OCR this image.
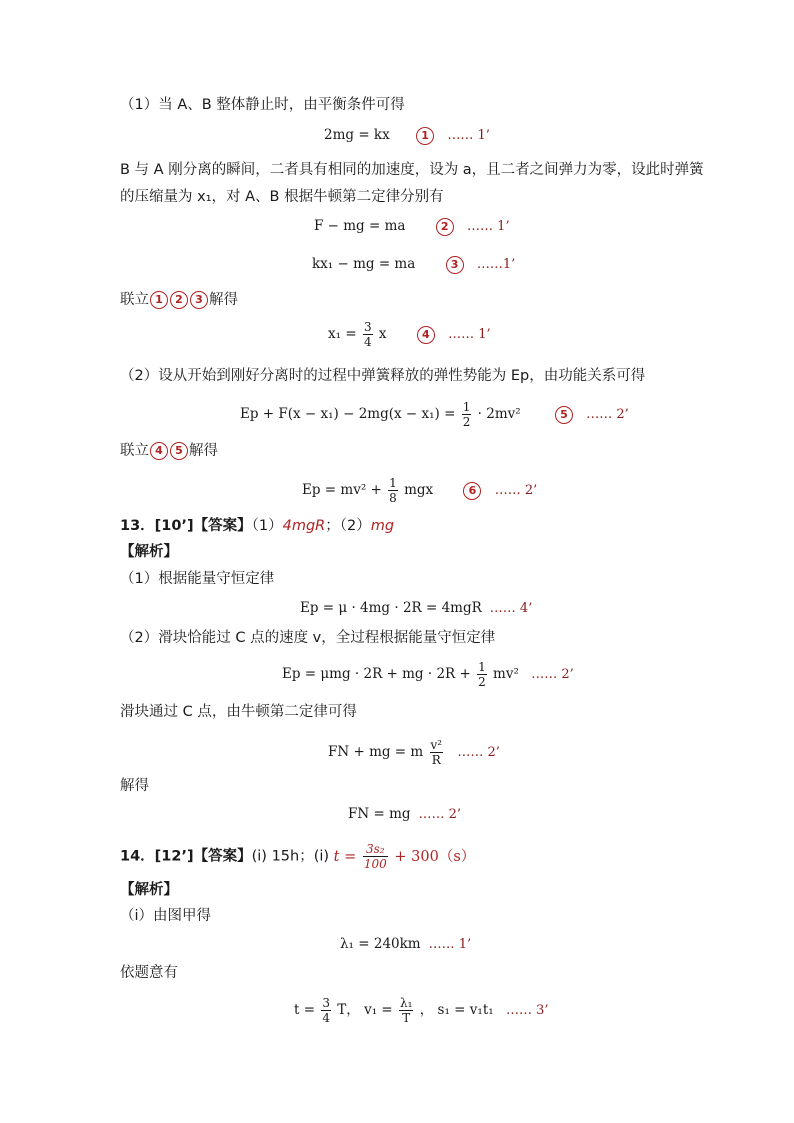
（1）当 A、B 整体静止时，由平衡条件可得
2mg = kx	1 …… 1’
B 与 A 刚分离的瞬间，二者具有相同的加速度，设为 a，且二者之间弹力为零，设此时弹簧
的压缩量为 x₁，对 A、B 根据牛顿第二定律分别有
F − mg = ma	2 …… 1’
kx₁ − mg = ma	3 ……1’
联立 1 2 3 解得
$x_1 = \frac{3}{4}$ x	4 …… 1’
（2）设从开始到刚好分离时的过程中弹簧释放的弹性势能为 Ep，由功能关系可得
$Ep + F(x - x_1) - 2mg(x - x_1) = \frac{1}{2} \cdot 2mv^2$	5 …… 2’
联立 4 5 解得
$Ep = mv^2 + \frac{1}{8}$ mgx	6 …… 2’
13．[10’]【答案】（1）4mgR；（2）mg
【解析】
（1）根据能量守恒定律
Ep = μ · 4mg · 2R = 4mgR …… 4’
（2）滑块恰能过 C 点的速度 v，全过程根据能量守恒定律
Ep = μmg · 2R + mg · $2R + \frac{1}{2} mv^2$ …… 2’
滑块通过 C 点，由牛顿第二定律可得
FN + mg = m $\frac{\text{v²}}{R}$ …… 2’
解得
FN = mg …… 2’
14．[12’]【答案】(i) 15h；(i) $t = \frac{\text{3s₂}}{100} + 300(s)$
【解析】
（i）由图甲得
λ₁ = 240km …… 1’
依题意有
$t = \frac{3}{4}$ T， $v_1 = \frac{\text{λ₁}}{T}$ ， s₁ = v₁t₁ …… 3’
